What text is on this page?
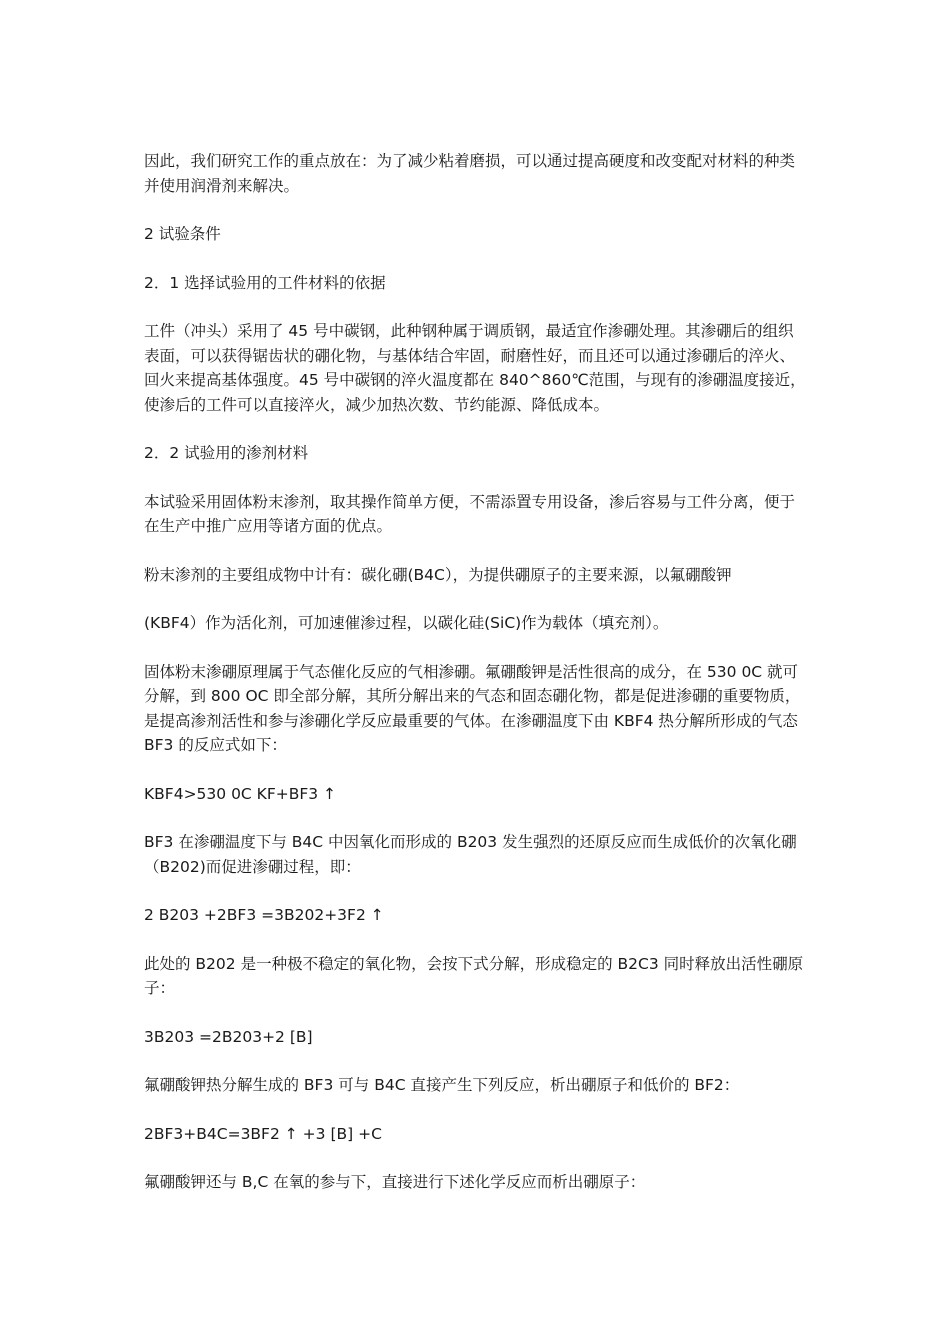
因此，我们研究工作的重点放在：为了减少粘着磨损，可以通过提高硬度和改变配对材料的种类并使用润滑剂来解决。

2 试验条件

2．1 选择试验用的工件材料的依据

工件（冲头）采用了 45 号中碳钢，此种钢种属于调质钢，最适宜作渗硼处理。其渗硼后的组织表面，可以获得锯齿状的硼化物，与基体结合牢固，耐磨性好，而且还可以通过渗硼后的淬火、回火来提高基体强度。45 号中碳钢的淬火温度都在 840^860℃范围，与现有的渗硼温度接近，使渗后的工件可以直接淬火，减少加热次数、节约能源、降低成本。

2．2 试验用的渗剂材料

本试验采用固体粉末渗剂，取其操作简单方便，不需添置专用设备，渗后容易与工件分离，便于在生产中推广应用等诸方面的优点。

粉末渗剂的主要组成物中计有：碳化硼(B4C），为提供硼原子的主要来源，以氟硼酸钾

(KBF4）作为活化剂，可加速催渗过程，以碳化硅(SiC)作为载体（填充剂）。

固体粉末渗硼原理属于气态催化反应的气相渗硼。氟硼酸钾是活性很高的成分，在 530 0C 就可分解，到 800 OC 即全部分解，其所分解出来的气态和固态硼化物，都是促进渗硼的重要物质，是提高渗剂活性和参与渗硼化学反应最重要的气体。在渗硼温度下由 KBF4 热分解所形成的气态 BF3 的反应式如下：

KBF4>530 0C KF+BF3 ↑

BF3 在渗硼温度下与 B4C 中因氧化而形成的 B203 发生强烈的还原反应而生成低价的次氧化硼（B202)而促进渗硼过程，即：

2 B203 +2BF3 =3B202+3F2 ↑

此处的 B202 是一种极不稳定的氧化物，会按下式分解，形成稳定的 B2C3 同时释放出活性硼原子：

3B203 =2B203+2 [B]

氟硼酸钾热分解生成的 BF3 可与 B4C 直接产生下列反应，析出硼原子和低价的 BF2：

2BF3+B4C=3BF2 ↑ +3 [B] +C

氟硼酸钾还与 B,C 在氧的参与下，直接进行下述化学反应而析出硼原子：
